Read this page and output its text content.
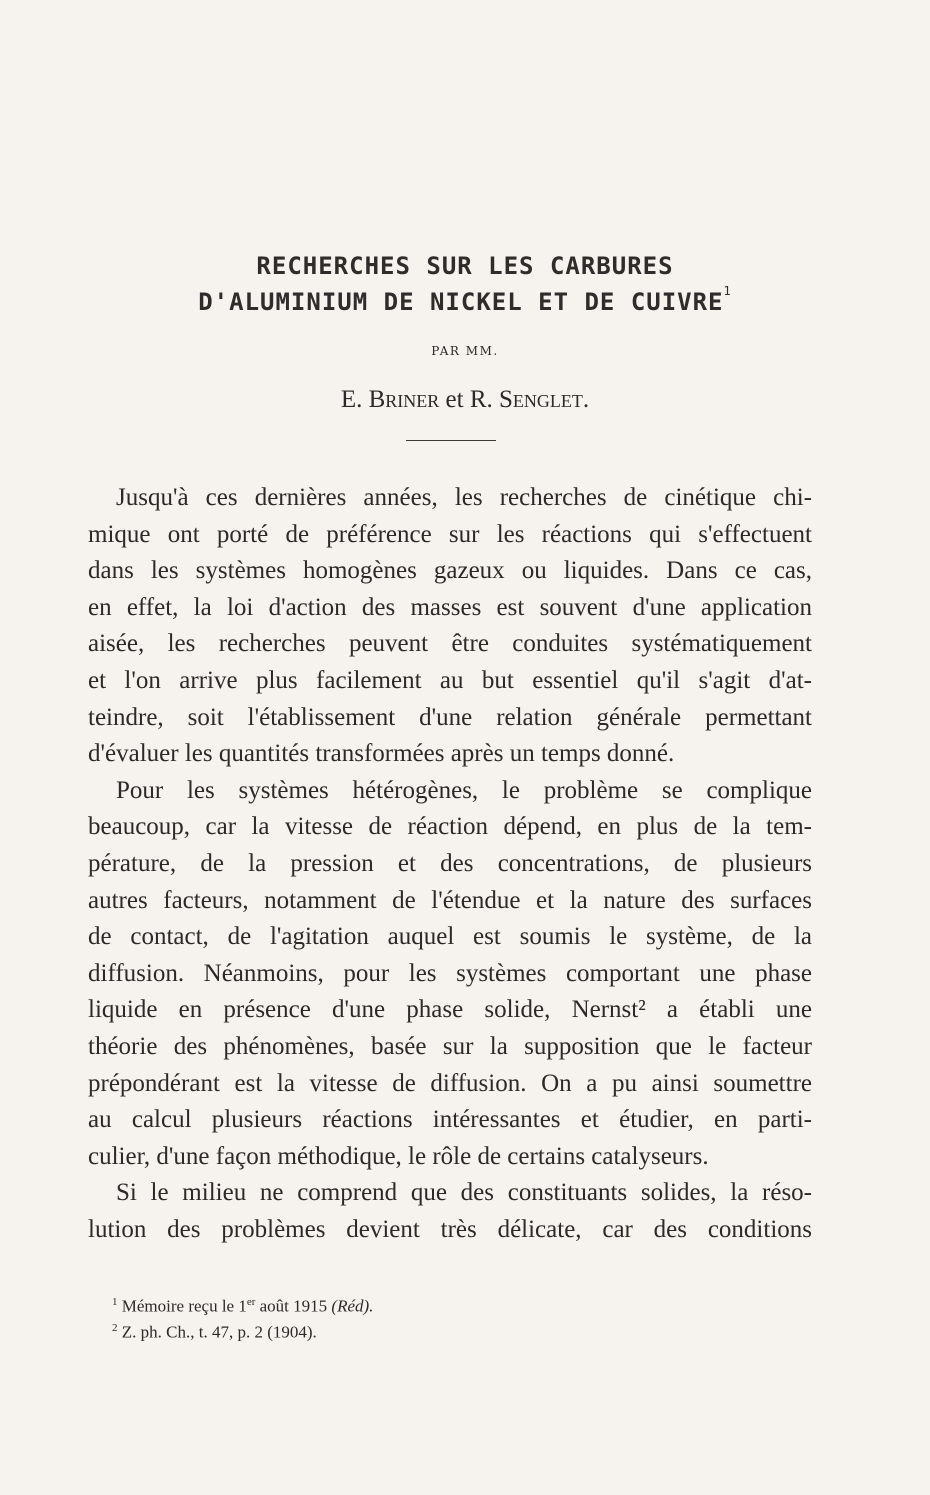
RECHERCHES SUR LES CARBURES
D'ALUMINIUM DE NICKEL ET DE CUIVRE$^1$
PAR MM.
E. Briner et R. Senglet.
Jusqu'à ces dernières années, les recherches de cinétique chi-
mique ont porté de préférence sur les réactions qui s'effectuent
dans les systèmes homogènes gazeux ou liquides. Dans ce cas,
en effet, la loi d'action des masses est souvent d'une application
aisée, les recherches peuvent être conduites systématiquement
et l'on arrive plus facilement au but essentiel qu'il s'agit d'at-
teindre, soit l'établissement d'une relation générale permettant
d'évaluer les quantités transformées après un temps donné.
Pour les systèmes hétérogènes, le problème se complique
beaucoup, car la vitesse de réaction dépend, en plus de la tem-
pérature, de la pression et des concentrations, de plusieurs
autres facteurs, notamment de l'étendue et la nature des surfaces
de contact, de l'agitation auquel est soumis le système, de la
diffusion. Néanmoins, pour les systèmes comportant une phase
liquide en présence d'une phase solide, Nernst² a établi une
théorie des phénomènes, basée sur la supposition que le facteur
prépondérant est la vitesse de diffusion. On a pu ainsi soumettre
au calcul plusieurs réactions intéressantes et étudier, en parti-
culier, d'une façon méthodique, le rôle de certains catalyseurs.
Si le milieu ne comprend que des constituants solides, la réso-
lution des problèmes devient très délicate, car des conditions
$^1$ Mémoire reçu le 1er août 1915 (Réd).
$^2$ Z. ph. Ch., t. 47, p. 2 (1904).
